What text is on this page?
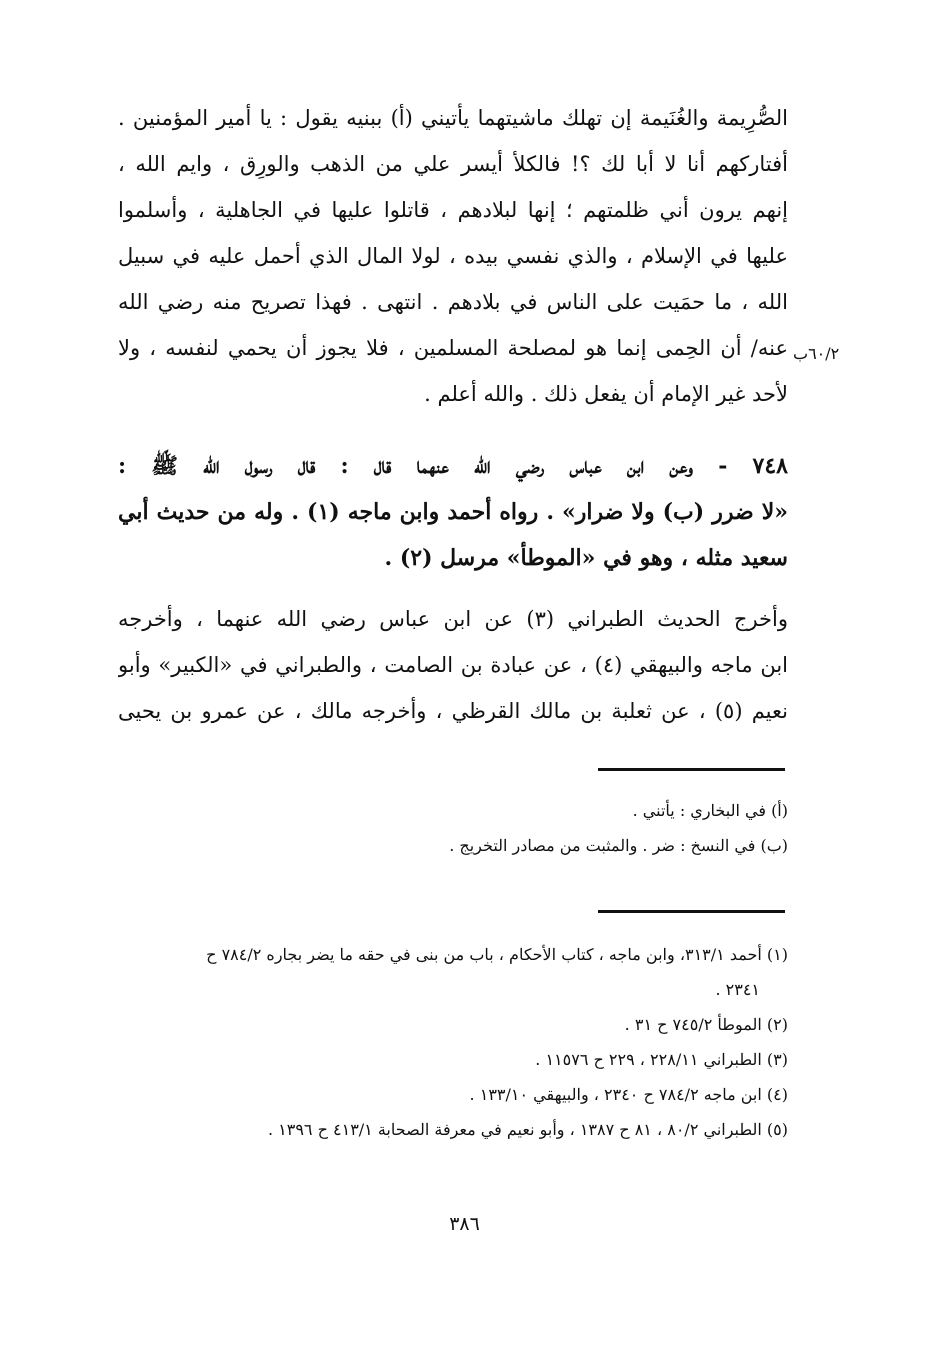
الصُّرِيمة والغُنَيمة إن تهلك ماشيتهما يأتيني (أ) ببنيه يقول : يا أمير المؤمنين .
أفتاركهم أنا لا أبا لك ؟! فالكلأ أيسر علي من الذهب والورِق ، وايم الله ،
إنهم يرون أني ظلمتهم ؛ إنها لبلادهم ، قاتلوا عليها في الجاهلية ، وأسلموا
عليها في الإسلام ، والذي نفسي بيده ، لولا المال الذي أحمل عليه في سبيل
الله ، ما حمَيت على الناس في بلادهم . انتهى . فهذا تصريح منه رضي الله
عنه/ أن الحِمى إنما هو لمصلحة المسلمين ، فلا يجوز أن يحمي لنفسه ، ولا
لأحد غير الإمام أن يفعل ذلك . والله أعلم .
٦٠/٢ب
٧٤٨ - وعن ابن عباس رضي الله عنهما قال : قال رسول الله ﷺ :
«لا ضرر (ب) ولا ضرار» . رواه أحمد وابن ماجه (١) . وله من حديث أبي
سعيد مثله ، وهو في «الموطأ» مرسل (٢) .
وأخرج الحديث الطبراني (٣) عن ابن عباس رضي الله عنهما ، وأخرجه
ابن ماجه والبيهقي (٤) ، عن عبادة بن الصامت ، والطبراني في «الكبير» وأبو
نعيم (٥) ، عن ثعلبة بن مالك القرظي ، وأخرجه مالك ، عن عمرو بن يحيى
(أ) في البخاري : يأتني .
(ب) في النسخ : ضر . والمثبت من مصادر التخريج .
(١) أحمد ٣١٣/١، وابن ماجه ، كتاب الأحكام ، باب من بنى في حقه ما يضر بجاره ٧٨٤/٢ ح
٢٣٤١ .
(٢) الموطأ ٧٤٥/٢ ح ٣١ .
(٣) الطبراني ٢٢٨/١١ ، ٢٢٩ ح ١١٥٧٦ .
(٤) ابن ماجه ٧٨٤/٢ ح ٢٣٤٠ ، والبيهقي ١٣٣/١٠ .
(٥) الطبراني ٨٠/٢ ، ٨١ ح ١٣٨٧ ، وأبو نعيم في معرفة الصحابة ٤١٣/١ ح ١٣٩٦ .
٣٨٦
